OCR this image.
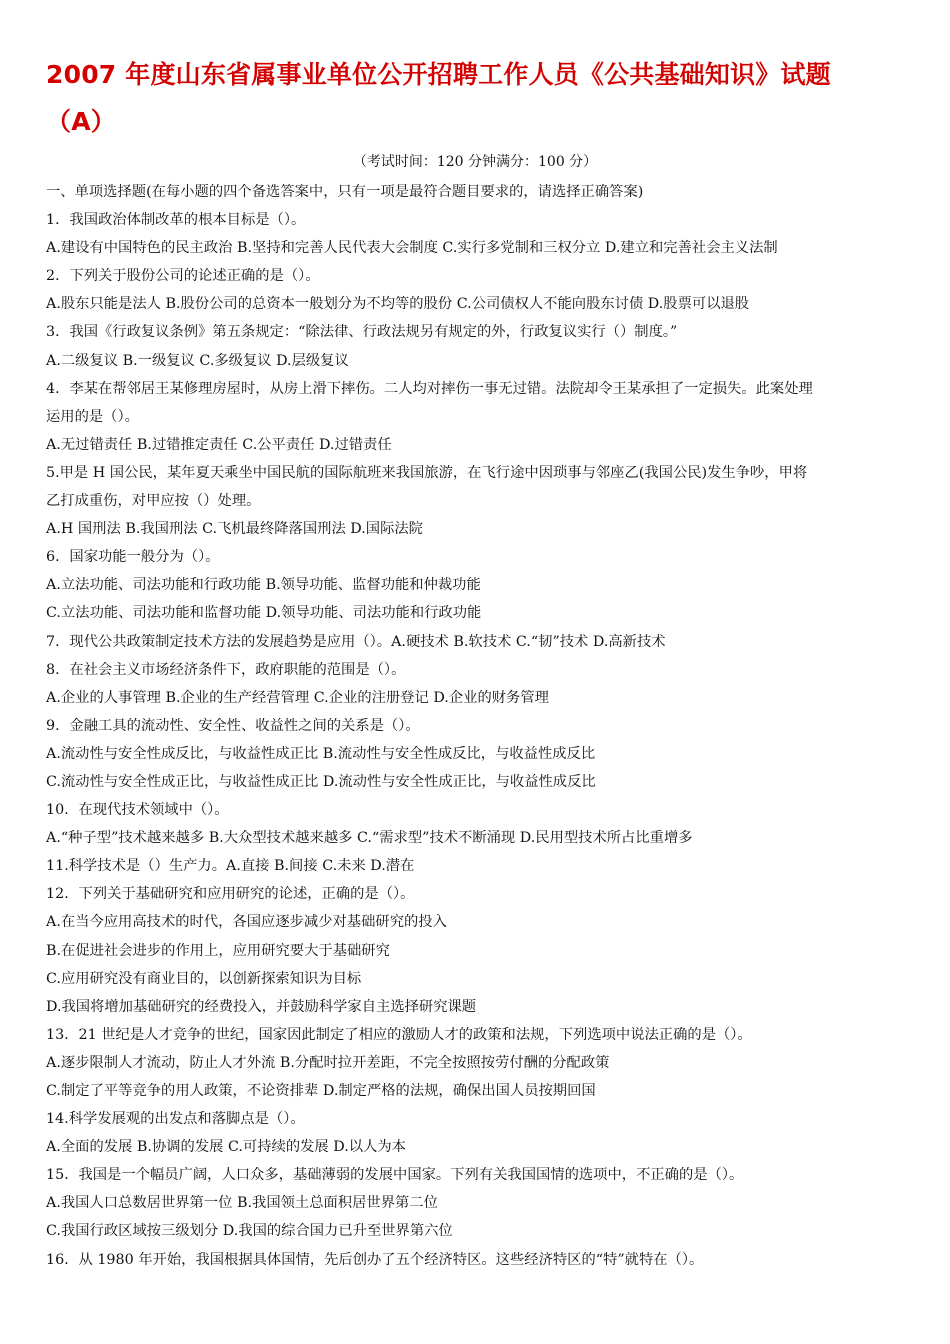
2007 年度山东省属事业单位公开招聘工作人员《公共基础知识》试题
（A）
（考试时间：120 分钟满分：100 分）
一、单项选择题(在每小题的四个备选答案中，只有一项是最符合题目要求的，请选择正确答案)
1．我国政治体制改革的根本目标是（）。
A.建设有中国特色的民主政治 B.坚持和完善人民代表大会制度 C.实行多党制和三权分立 D.建立和完善社会主义法制
2．下列关于股份公司的论述正确的是（）。
A.股东只能是法人 B.股份公司的总资本一般划分为不均等的股份 C.公司债权人不能向股东讨债 D.股票可以退股
3．我国《行政复议条例》第五条规定：“除法律、行政法规另有规定的外，行政复议实行（）制度。”
A.二级复议 B.一级复议 C.多级复议 D.层级复议
4．李某在帮邻居王某修理房屋时，从房上滑下摔伤。二人均对摔伤一事无过错。法院却令王某承担了一定损失。此案处理
运用的是（）。
A.无过错责任 B.过错推定责任 C.公平责任 D.过错责任
5.甲是 H 国公民，某年夏天乘坐中国民航的国际航班来我国旅游，在飞行途中因琐事与邻座乙(我国公民)发生争吵，甲将
乙打成重伤，对甲应按（）处理。
A.H 国刑法 B.我国刑法 C.飞机最终降落国刑法 D.国际法院
6．国家功能一般分为（）。
A.立法功能、司法功能和行政功能 B.领导功能、监督功能和仲裁功能
C.立法功能、司法功能和监督功能 D.领导功能、司法功能和行政功能
7．现代公共政策制定技术方法的发展趋势是应用（）。A.硬技术 B.软技术 C.“韧”技术 D.高新技术
8．在社会主义市场经济条件下，政府职能的范围是（）。
A.企业的人事管理 B.企业的生产经营管理 C.企业的注册登记 D.企业的财务管理
9．金融工具的流动性、安全性、收益性之间的关系是（）。
A.流动性与安全性成反比，与收益性成正比 B.流动性与安全性成反比，与收益性成反比
C.流动性与安全性成正比，与收益性成正比 D.流动性与安全性成正比，与收益性成反比
10．在现代技术领域中（）。
A.“种子型”技术越来越多 B.大众型技术越来越多 C.“需求型”技术不断涌现 D.民用型技术所占比重增多
11.科学技术是（）生产力。A.直接 B.间接 C.未来 D.潜在
12．下列关于基础研究和应用研究的论述，正确的是（）。
A.在当今应用高技术的时代，各国应逐步减少对基础研究的投入
B.在促进社会进步的作用上，应用研究要大于基础研究
C.应用研究没有商业目的，以创新探索知识为目标
D.我国将增加基础研究的经费投入，并鼓励科学家自主选择研究课题
13．21 世纪是人才竞争的世纪，国家因此制定了相应的激励人才的政策和法规，下列选项中说法正确的是（）。
A.逐步限制人才流动，防止人才外流 B.分配时拉开差距，不完全按照按劳付酬的分配政策
C.制定了平等竞争的用人政策，不论资排辈 D.制定严格的法规，确保出国人员按期回国
14.科学发展观的出发点和落脚点是（）。
A.全面的发展 B.协调的发展 C.可持续的发展 D.以人为本
15．我国是一个幅员广阔，人口众多，基础薄弱的发展中国家。下列有关我国国情的选项中，不正确的是（）。
A.我国人口总数居世界第一位 B.我国领土总面积居世界第二位
C.我国行政区域按三级划分 D.我国的综合国力已升至世界第六位
16．从 1980 年开始，我国根据具体国情，先后创办了五个经济特区。这些经济特区的“特”就特在（）。
